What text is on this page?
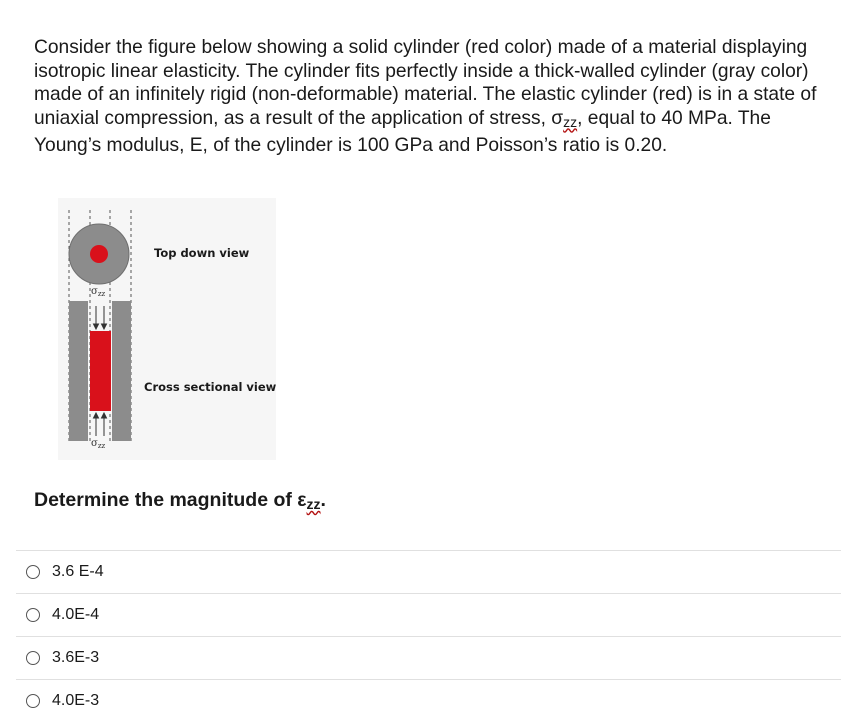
Consider the figure below showing a solid cylinder (red color) made of a material displaying isotropic linear elasticity. The cylinder fits perfectly inside a thick-walled cylinder (gray color) made of an infinitely rigid (non-deformable) material. The elastic cylinder (red) is in a state of uniaxial compression, as a result of the application of stress, σzz, equal to 40 MPa. The Young’s modulus, E, of the cylinder is 100 GPa and Poisson’s ratio is 0.20.
Top down view
Cross sectional view
$\sigma_{zz}$
$\sigma_{zz}$
Determine the magnitude of εzz.
3.6 E-4
4.0E-4
3.6E-3
4.0E-3
